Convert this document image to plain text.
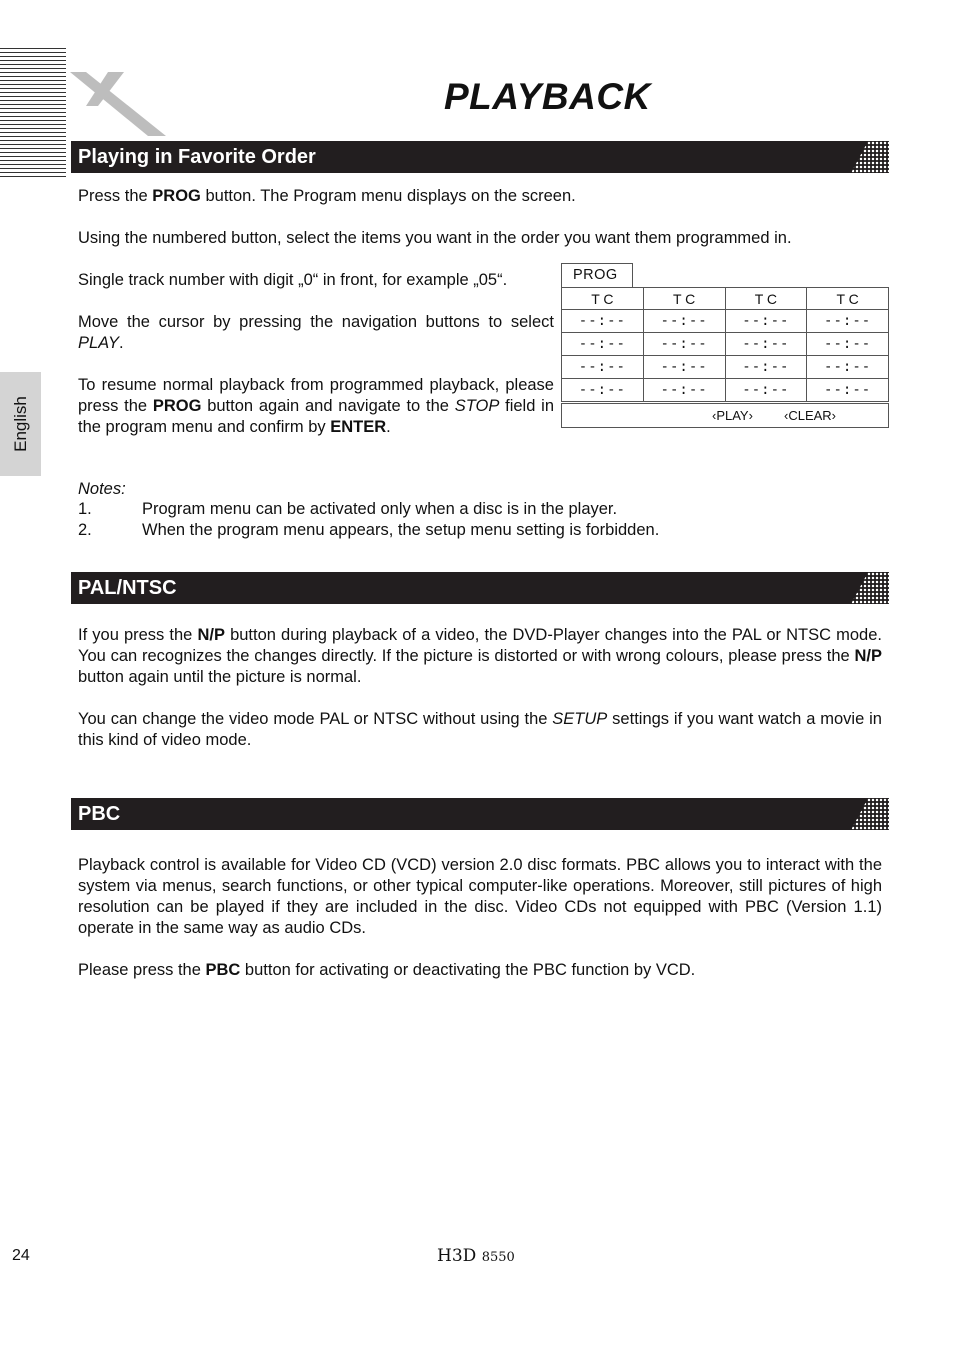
PLAYBACK
English
Playing in Favorite Order

Press the PROG button. The Program menu displays on the screen.

Using the numbered button, select the items you want in the order you want them programmed in.

Single track number with digit „0“ in front, for example „05“.

Move the cursor by pressing the navigation buttons to select PLAY.

To resume normal playback from programmed playback, please press the PROG button again and navigate to the STOP field in the program menu and confirm by ENTER.

PROG
T C	T C	T C	T C
--:--	--:--	--:--	--:--
--:--	--:--	--:--	--:--
--:--	--:--	--:--	--:--
--:--	--:--	--:--	--:--
‹PLAY› ‹CLEAR›

Notes:

1.	Program menu can be activated only when a disc is in the player.
2.	When the program menu appears, the setup menu setting is forbidden.
PAL/NTSC

If you press the N/P button during playback of a video, the DVD-Player changes into the PAL or NTSC mode. You can recognizes the changes directly. If the picture is distorted or with wrong colours, please press the N/P button again until the picture is normal.

You can change the video mode PAL or NTSC without using the SETUP settings if you want watch a movie in this kind of video mode.

PBC

Playback control is available for Video CD (VCD) version 2.0 disc formats. PBC allows you to interact with the system via menus, search functions, or other typical computer-like operations. Moreover, still pictures of high resolution can be played if they are included in the disc. Video CDs not equipped with PBC (Version 1.1) operate in the same way as audio CDs.

Please press the PBC button for activating or deactivating the PBC function by VCD.

24	H3D 8550
